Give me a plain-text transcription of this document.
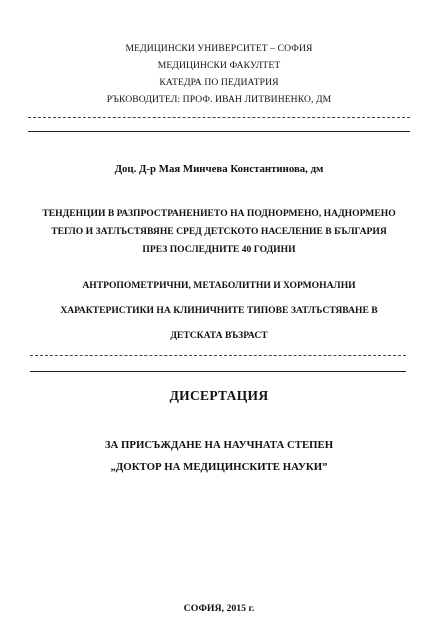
МЕДИЦИНСКИ УНИВЕРСИТЕТ – СОФИЯ
МЕДИЦИНСКИ ФАКУЛТЕТ
КАТЕДРА ПО ПЕДИАТРИЯ
РЪКОВОДИТЕЛ: ПРОФ. ИВАН ЛИТВИНЕНКО, ДМ
Доц. Д-р Мая Минчева Константинова, дм
ТЕНДЕНЦИИ В РАЗПРОСТРАНЕНИЕТО НА ПОДНОРМЕНО, НАДНОРМЕНО
ТЕГЛО И ЗАТЛЪСТЯВЯНЕ СРЕД ДЕТСКОТО НАСЕЛЕНИЕ В БЪЛГАРИЯ
ПРЕЗ ПОСЛЕДНИТЕ 40 ГОДИНИ
АНТРОПОМЕТРИЧНИ, МЕТАБОЛИТНИ И ХОРМОНАЛНИ
ХАРАКТЕРИСТИКИ НА КЛИНИЧНИТЕ ТИПОВЕ ЗАТЛЪСТЯВАНЕ В
ДЕТСКАТА ВЪЗРАСТ
ДИСЕРТАЦИЯ
ЗА ПРИСЪЖДАНЕ НА НАУЧНАТА СТЕПЕН
„ДОКТОР НА МЕДИЦИНСКИТЕ НАУКИ”
СОФИЯ, 2015 г.
